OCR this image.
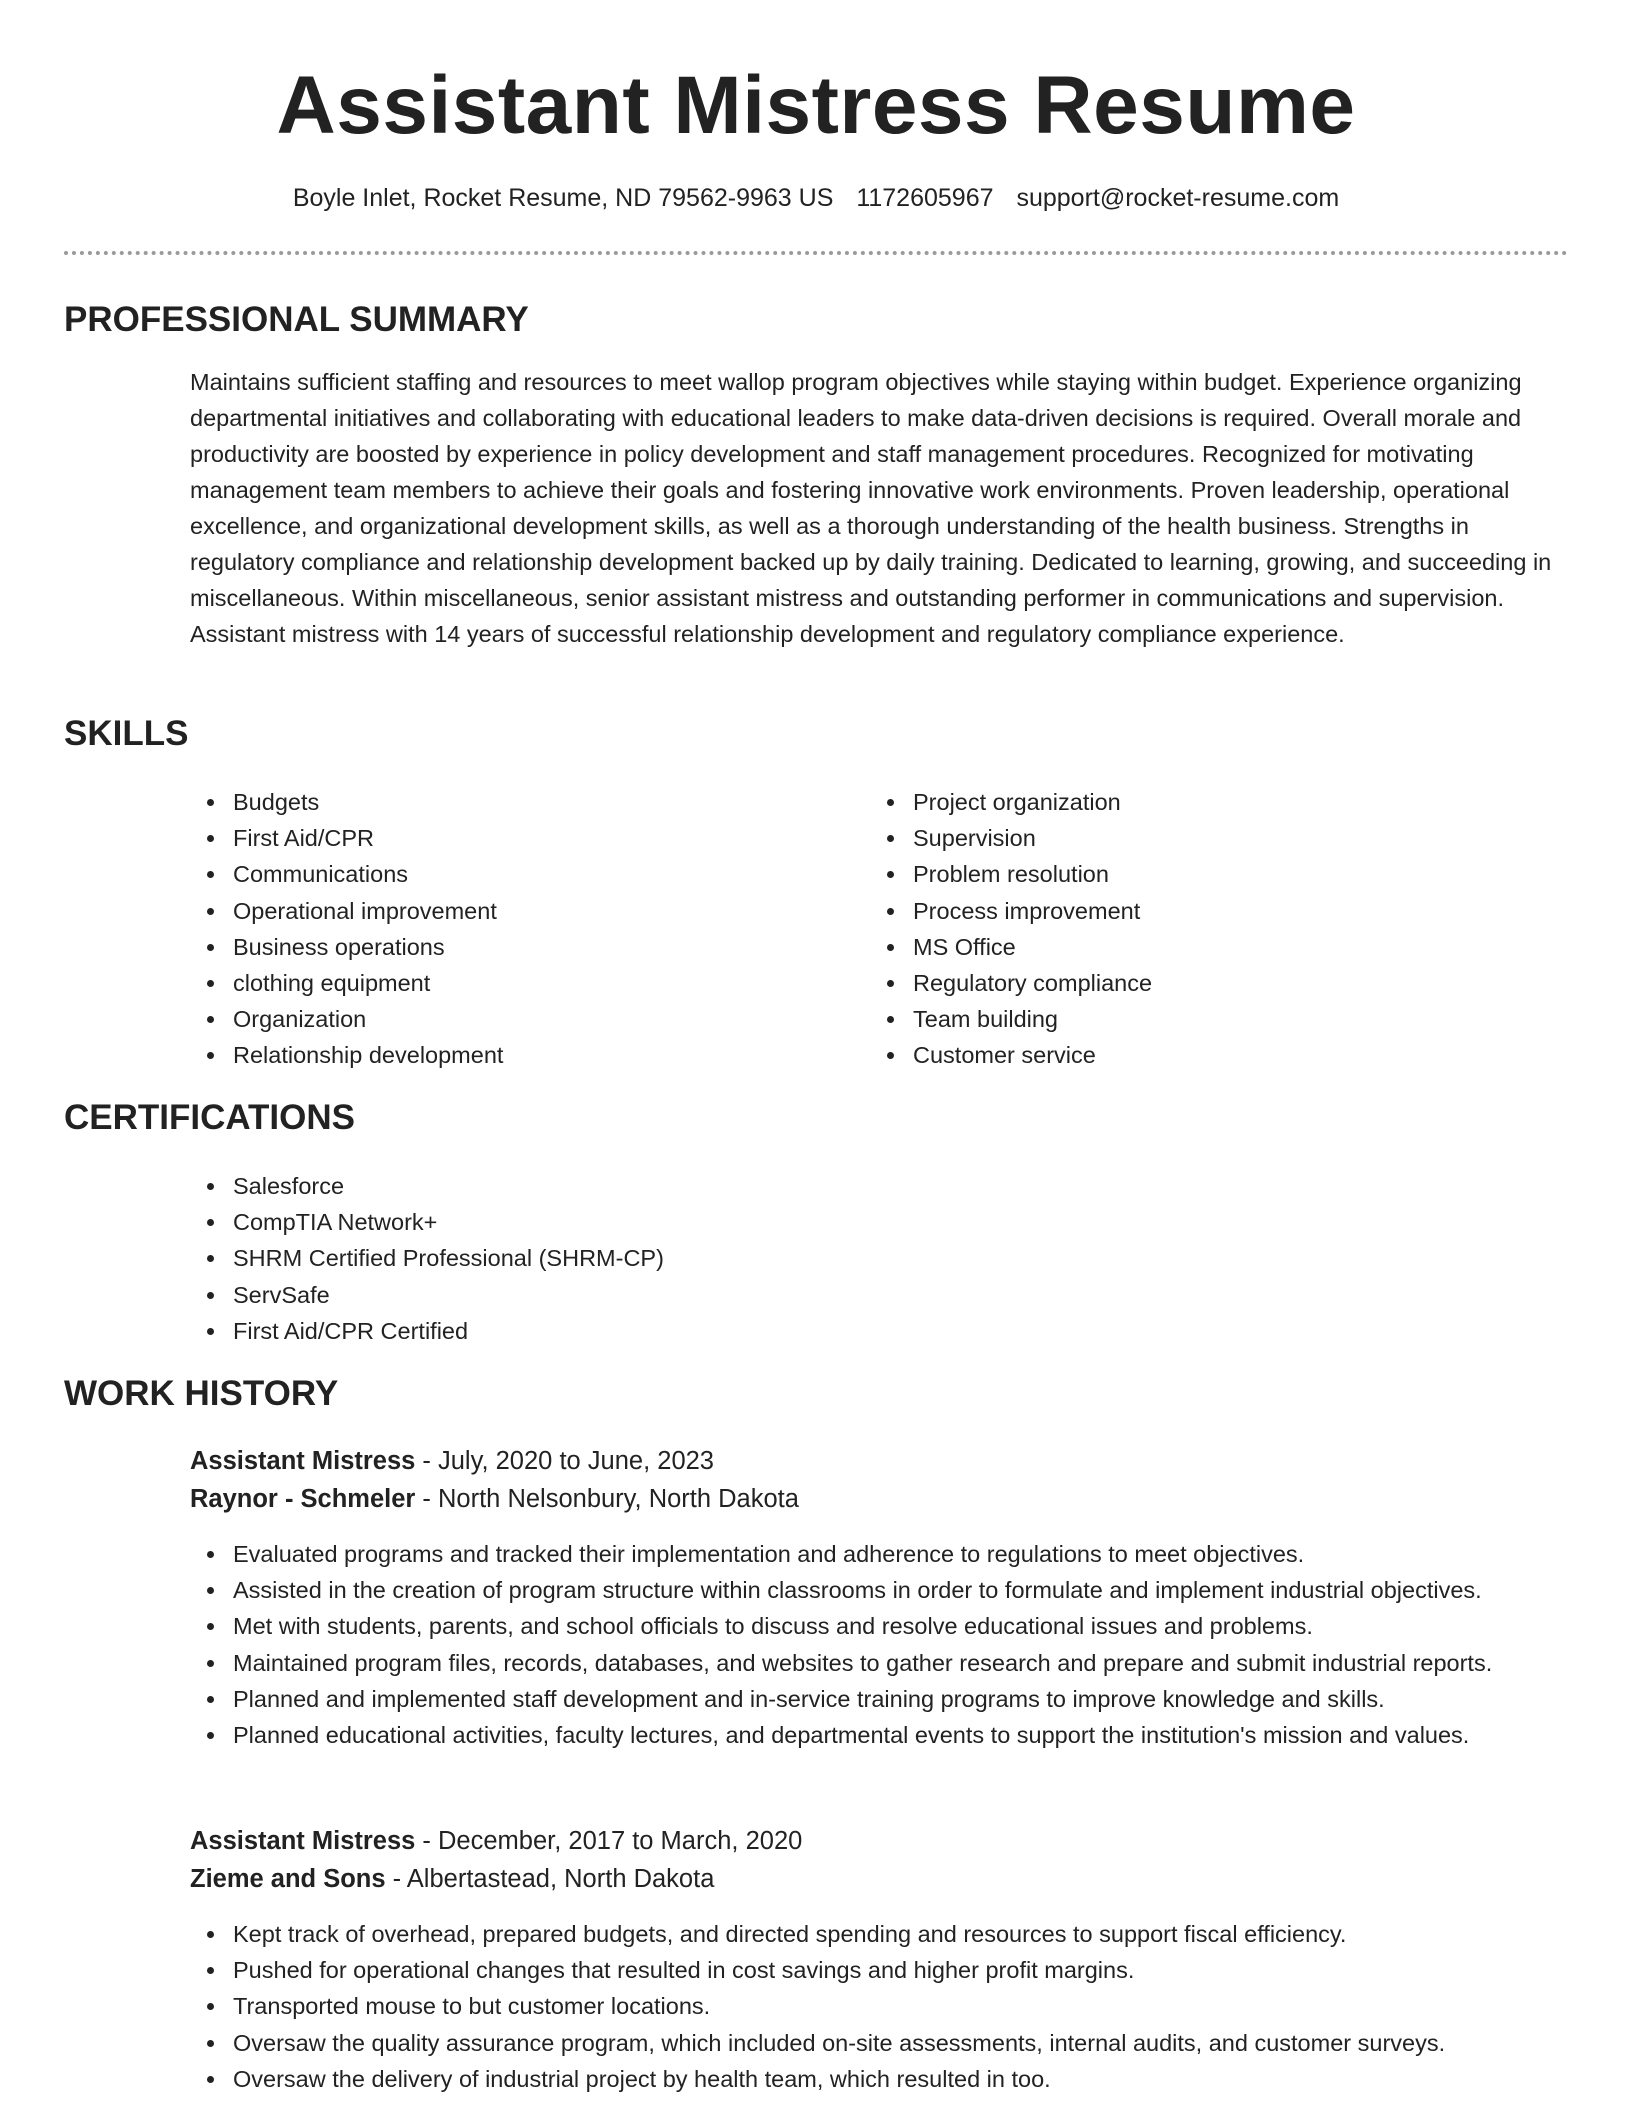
Assistant Mistress Resume
Boyle Inlet, Rocket Resume, ND 79562-9963 US 1172605967 support@rocket-resume.com
PROFESSIONAL SUMMARY

Maintains sufficient staffing and resources to meet wallop program objectives while staying within budget. Experience organizing departmental initiatives and collaborating with educational leaders to make data-driven decisions is required. Overall morale and productivity are boosted by experience in policy development and staff management procedures. Recognized for motivating management team members to achieve their goals and fostering innovative work environments. Proven leadership, operational excellence, and organizational development skills, as well as a thorough understanding of the health business. Strengths in regulatory compliance and relationship development backed up by daily training. Dedicated to learning, growing, and succeeding in miscellaneous. Within miscellaneous, senior assistant mistress and outstanding performer in communications and supervision. Assistant mistress with 14 years of successful relationship development and regulatory compliance experience.

SKILLS
Budgets
First Aid/CPR
Communications
Operational improvement
Business operations
clothing equipment
Organization
Relationship development
Project organization
Supervision
Problem resolution
Process improvement
MS Office
Regulatory compliance
Team building
Customer service
CERTIFICATIONS
Salesforce
CompTIA Network+
SHRM Certified Professional (SHRM-CP)
ServSafe
First Aid/CPR Certified
WORK HISTORY
Assistant Mistress - July, 2020 to June, 2023
Raynor - Schmeler - North Nelsonbury, North Dakota
Evaluated programs and tracked their implementation and adherence to regulations to meet objectives.
Assisted in the creation of program structure within classrooms in order to formulate and implement industrial objectives.
Met with students, parents, and school officials to discuss and resolve educational issues and problems.
Maintained program files, records, databases, and websites to gather research and prepare and submit industrial reports.
Planned and implemented staff development and in-service training programs to improve knowledge and skills.
Planned educational activities, faculty lectures, and departmental events to support the institution's mission and values.
Assistant Mistress - December, 2017 to March, 2020
Zieme and Sons - Albertastead, North Dakota
Kept track of overhead, prepared budgets, and directed spending and resources to support fiscal efficiency.
Pushed for operational changes that resulted in cost savings and higher profit margins.
Transported mouse to but customer locations.
Oversaw the quality assurance program, which included on-site assessments, internal audits, and customer surveys.
Oversaw the delivery of industrial project by health team, which resulted in too.
